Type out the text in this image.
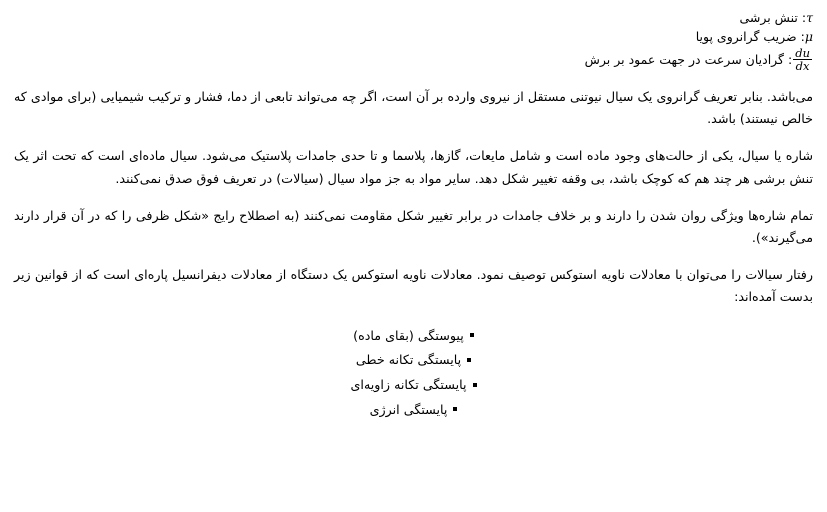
τ: تنش برشی
μ: ضریب گرانروی پویا
$\frac{du}{dx}$
: گرادیان سرعت در جهت عمود بر برش

می‌باشد. بنابر تعریف گرانروی یک سیال نیوتنی مستقل از نیروی وارده بر آن است، اگر چه می‌تواند تابعی از دما، فشار و ترکیب شیمیایی (برای موادی که خالص نیستند) باشد.

شاره یا سیال، یکی از حالت‌های وجود ماده است و شامل مایعات، گازها، پلاسما و تا حدی جامدات پلاستیک می‌شود. سیال ماده‌ای است که تحت اثر یک تنش برشی هر چند هم که کوچک باشد، بی وقفه تغییر شکل دهد. سایر مواد به جز مواد سیال (سیالات) در تعریف فوق صدق نمی‌کنند.

تمام شاره‌ها ویژگی روان شدن را دارند و بر خلاف جامدات در برابر تغییر شکل مقاومت نمی‌کنند (به اصطلاح رایج «شکل ظرفی را که در آن قرار دارند می‌گیرند»).

رفتار سیالات را می‌توان با معادلات ناویه استوکس توصیف نمود. معادلات ناویه استوکس یک دستگاه از معادلات دیفرانسیل پاره‌ای است که از قوانین زیر بدست آمده‌اند:

پیوستگی (بقای ماده)
پایستگی تکانه خطی
پایستگی تکانه زاویه‌ای
پایستگی انرژی
